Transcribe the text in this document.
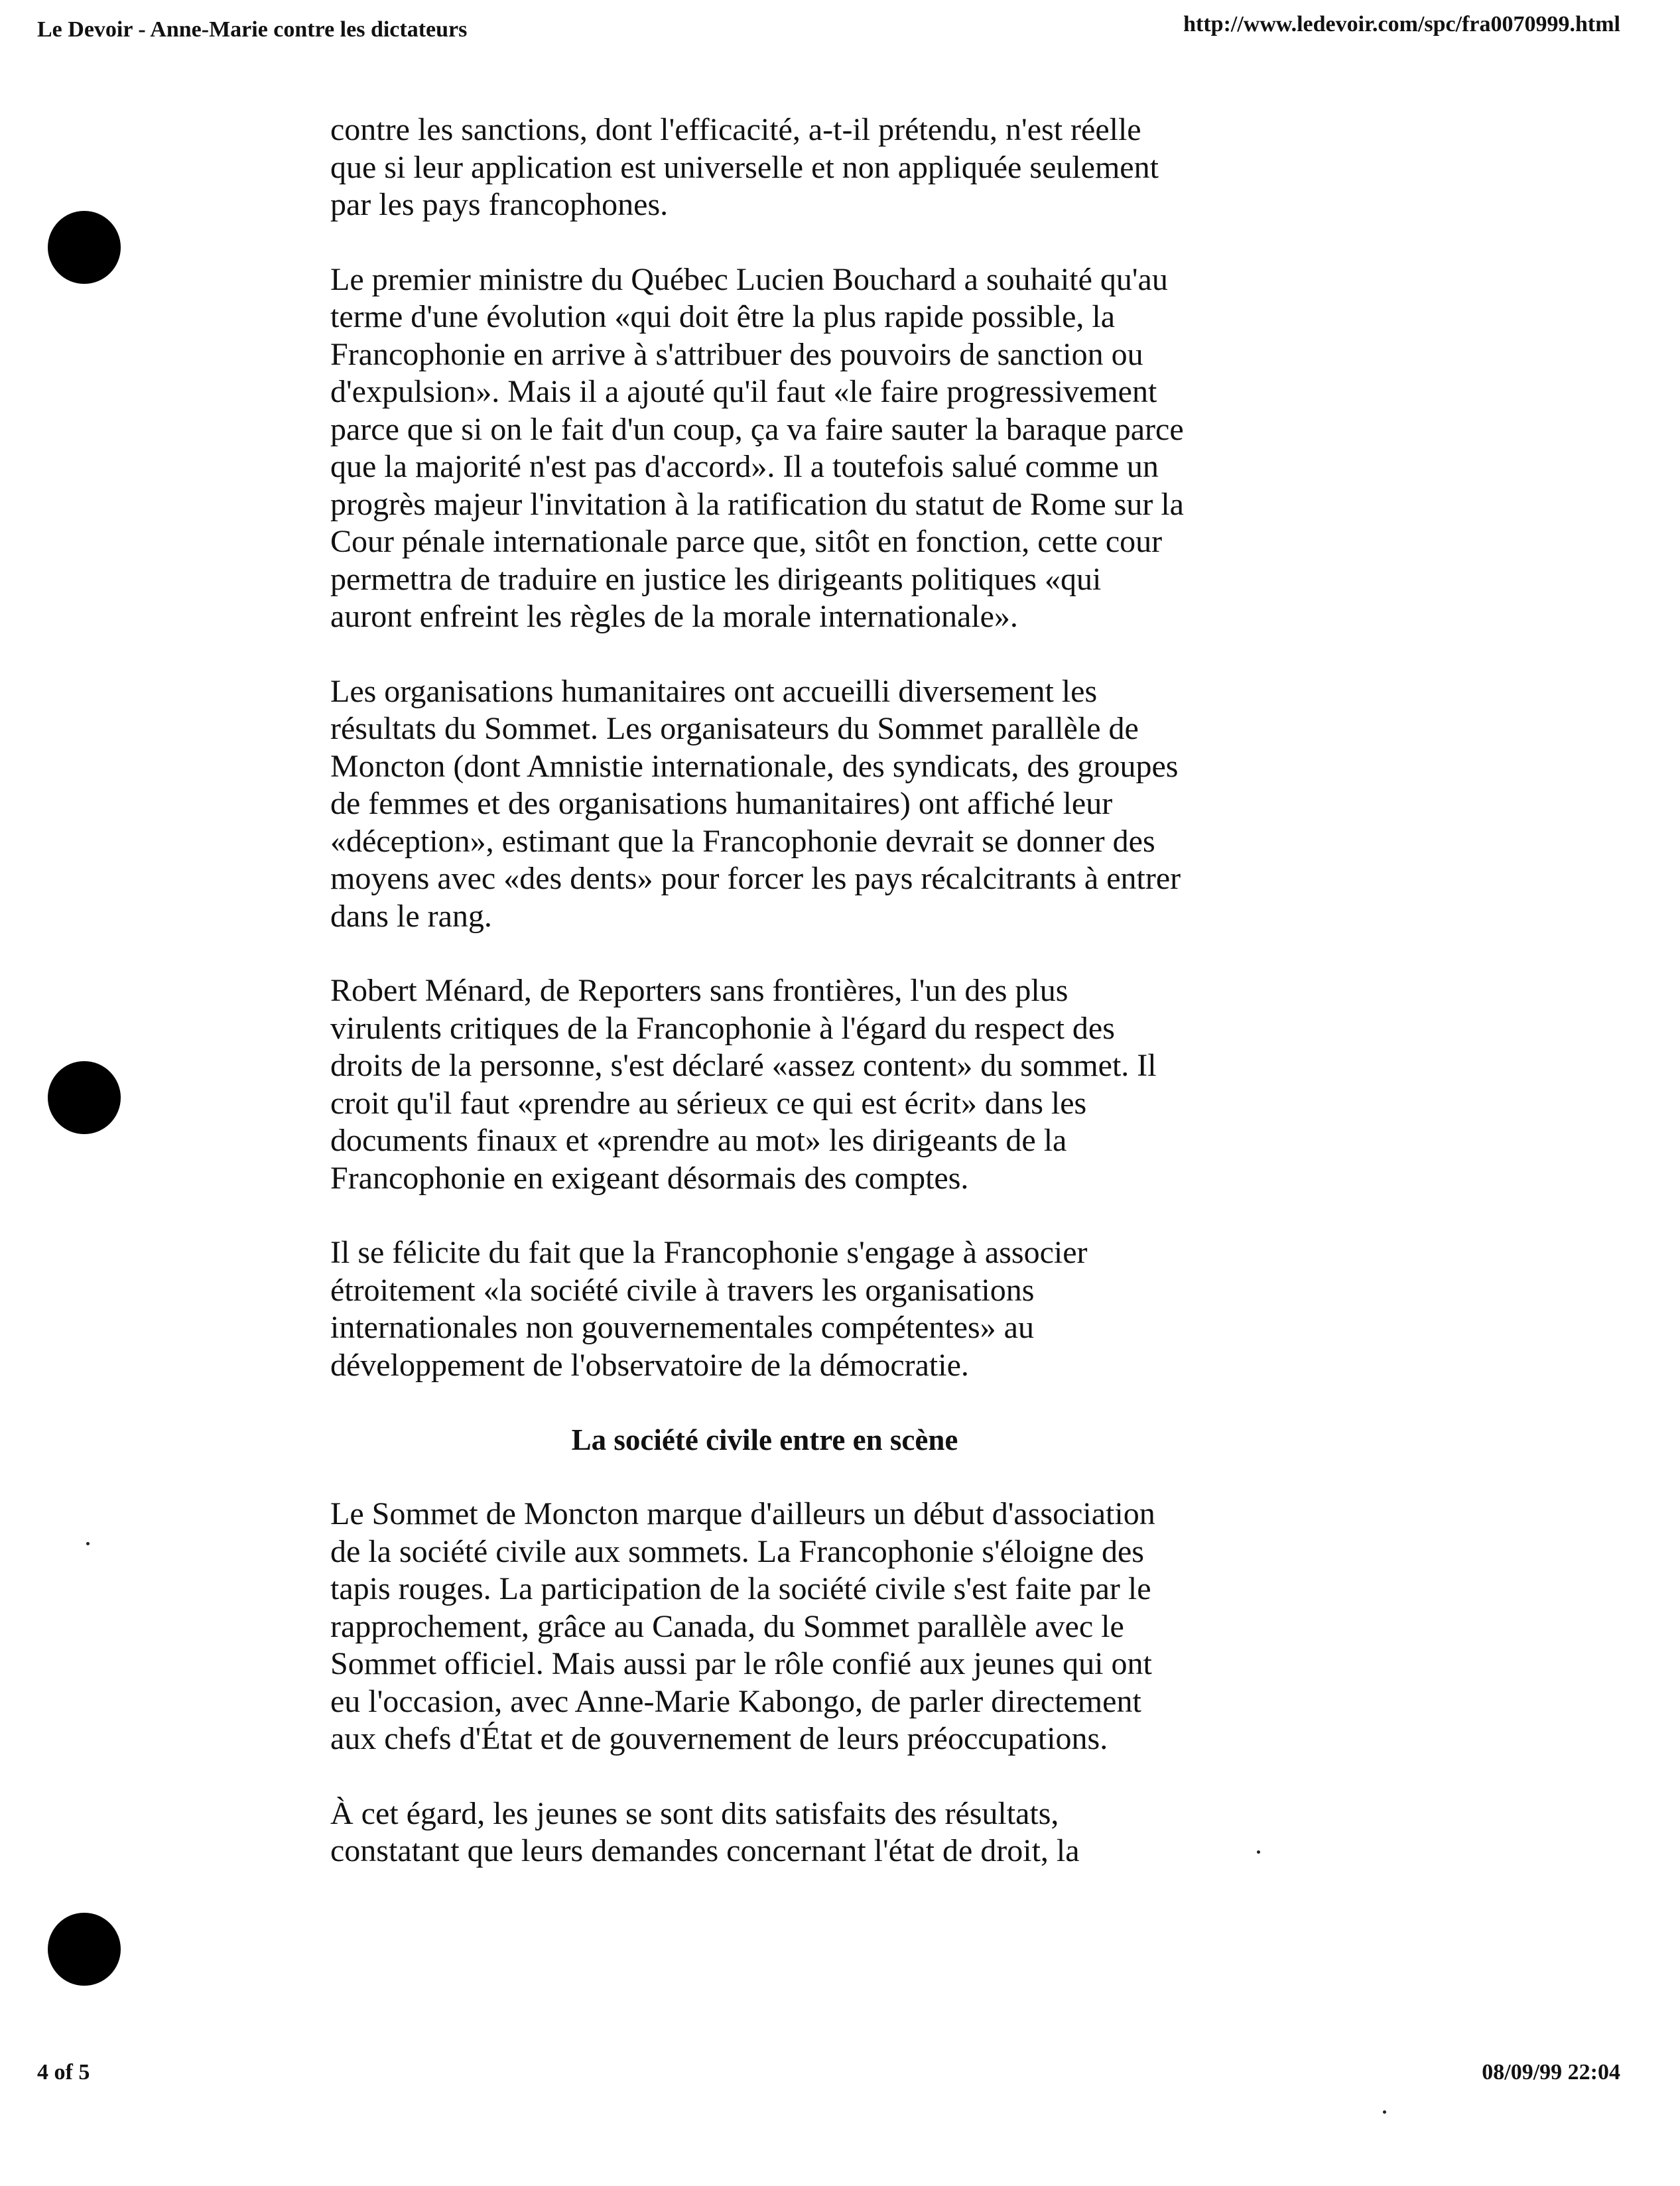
Le Devoir - Anne-Marie contre les dictateurs	http://www.ledevoir.com/spc/fra0070999.html

contre les sanctions, dont l'efficacité, a-t-il prétendu, n'est réelle que si leur application est universelle et non appliquée seulement par les pays francophones.

Le premier ministre du Québec Lucien Bouchard a souhaité qu'au terme d'une évolution «qui doit être la plus rapide possible, la Francophonie en arrive à s'attribuer des pouvoirs de sanction ou d'expulsion». Mais il a ajouté qu'il faut «le faire progressivement parce que si on le fait d'un coup, ça va faire sauter la baraque parce que la majorité n'est pas d'accord». Il a toutefois salué comme un progrès majeur l'invitation à la ratification du statut de Rome sur la Cour pénale internationale parce que, sitôt en fonction, cette cour permettra de traduire en justice les dirigeants politiques «qui auront enfreint les règles de la morale internationale».

Les organisations humanitaires ont accueilli diversement les résultats du Sommet. Les organisateurs du Sommet parallèle de Moncton (dont Amnistie internationale, des syndicats, des groupes de femmes et des organisations humanitaires) ont affiché leur «déception», estimant que la Francophonie devrait se donner des moyens avec «des dents» pour forcer les pays récalcitrants à entrer dans le rang.

Robert Ménard, de Reporters sans frontières, l'un des plus virulents critiques de la Francophonie à l'égard du respect des droits de la personne, s'est déclaré «assez content» du sommet. Il croit qu'il faut «prendre au sérieux ce qui est écrit» dans les documents finaux et «prendre au mot» les dirigeants de la Francophonie en exigeant désormais des comptes.

Il se félicite du fait que la Francophonie s'engage à associer étroitement «la société civile à travers les organisations internationales non gouvernementales compétentes» au développement de l'observatoire de la démocratie.

La société civile entre en scène

Le Sommet de Moncton marque d'ailleurs un début d'association de la société civile aux sommets. La Francophonie s'éloigne des tapis rouges. La participation de la société civile s'est faite par le rapprochement, grâce au Canada, du Sommet parallèle avec le Sommet officiel. Mais aussi par le rôle confié aux jeunes qui ont eu l'occasion, avec Anne-Marie Kabongo, de parler directement aux chefs d'État et de gouvernement de leurs préoccupations.

À cet égard, les jeunes se sont dits satisfaits des résultats, constatant que leurs demandes concernant l'état de droit, la

4 of 5	08/09/99 22:04
